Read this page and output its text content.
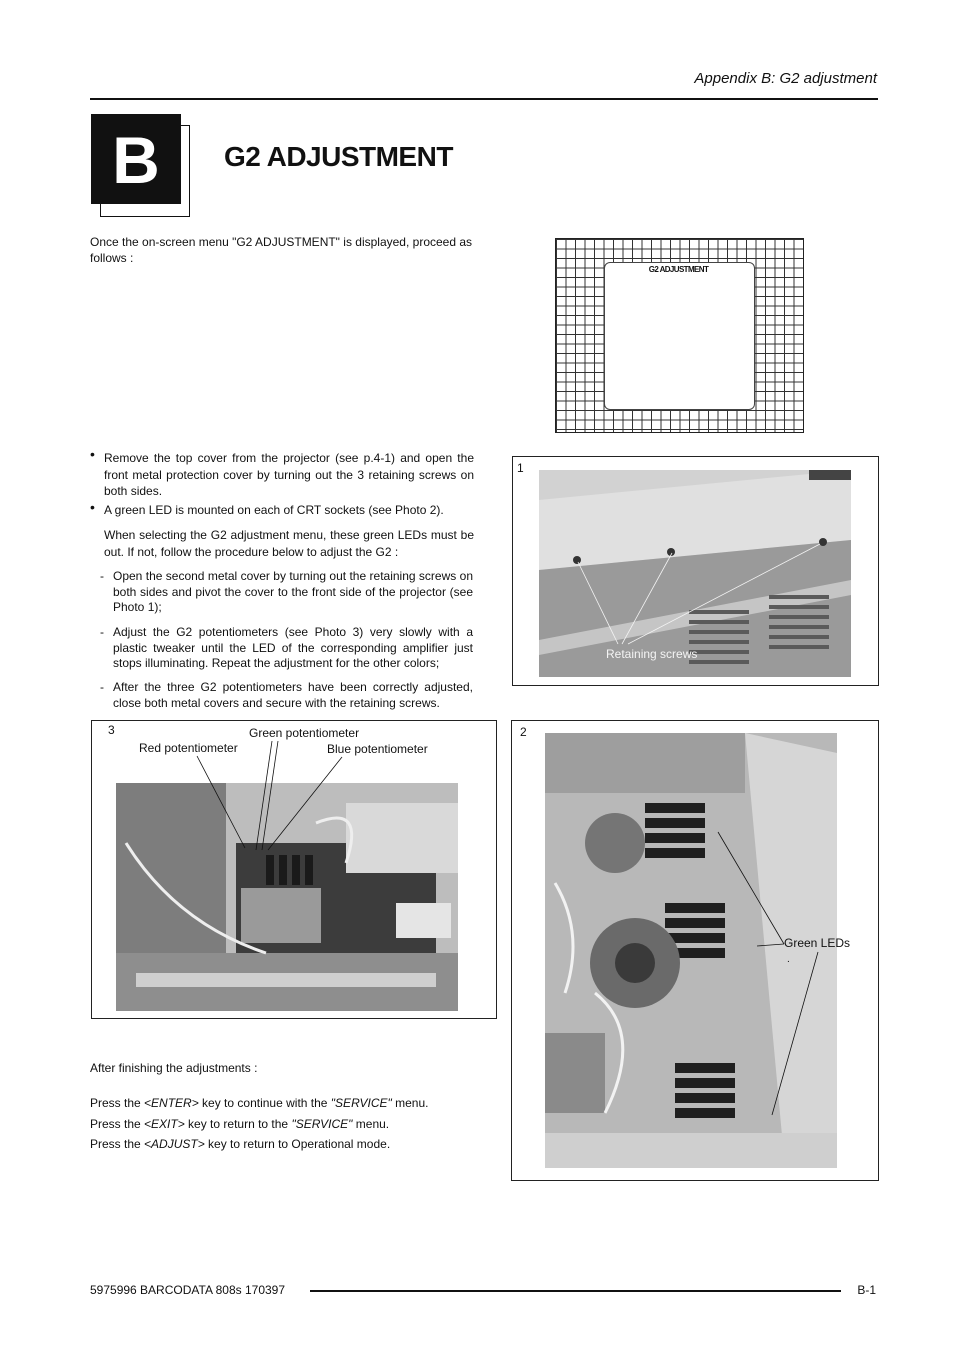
Appendix B: G2 adjustment
B	G2 ADJUSTMENT
Once the on-screen menu "G2 ADJUSTMENT" is displayed, proceed as follows :
G2 ADJUSTMENT
• Remove the top cover from the projector (see p.4-1) and open the front metal protection cover by turning out the 3 retaining screws on both sides.
• A green LED is mounted on each of CRT sockets (see Photo 2).
When selecting the G2 adjustment menu, these green LEDs must be out. If not, follow the procedure below to adjust the G2 :
- Open the second metal cover by turning out the retaining screws on both sides and pivot the cover to the front side of the projector (see Photo 1);
- Adjust the G2 potentiometers (see Photo 3) very slowly with a plastic tweaker until the LED of the corresponding amplifier just stops illuminating. Repeat the adjustment for the other colors;
- After the three G2 potentiometers have been correctly adjusted, close both metal covers and secure with the retaining screws.
1
Retaining screws
3	Green potentiometer
Red potentiometer	Blue potentiometer
2
Green LEDs
.
After finishing the adjustments :
Press the <ENTER> key to continue with the "SERVICE" menu.
Press the <EXIT> key to return to the "SERVICE" menu.
Press the <ADJUST> key to return to Operational mode.
5975996 BARCODATA 808s 170397	B-1
